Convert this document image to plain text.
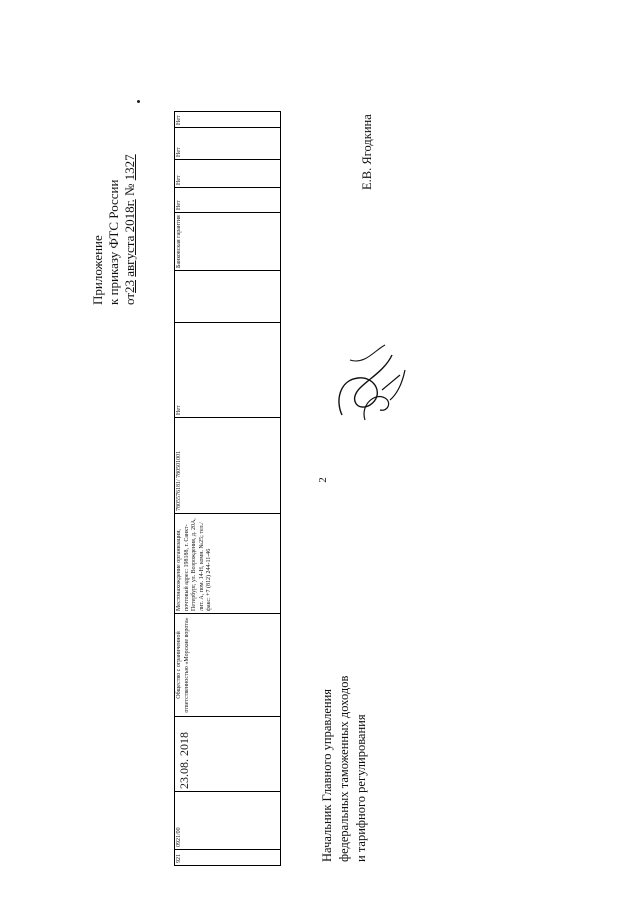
2
Приложение к приказу ФТС России от23 августа 2018г. № 1327
921	0921/00	23.08. 2018	Общество с ограниченной ответственностью «Морские ворота»	Местонахождение организации, почтовый адрес: 198188, г. Санкт-Петербург, ул. Возрождения, д. 20А, лит. А, пом. 14-Н, комн. №25; тел./факс: +7 (812) 244-11-46	7805576181/ 780501001	Нет		Банковская гарантия	Нет	Нет	Нет	Нет
Начальник Главного управления федеральных таможенных доходов и тарифного регулирования
Е.В. Ягодкина
